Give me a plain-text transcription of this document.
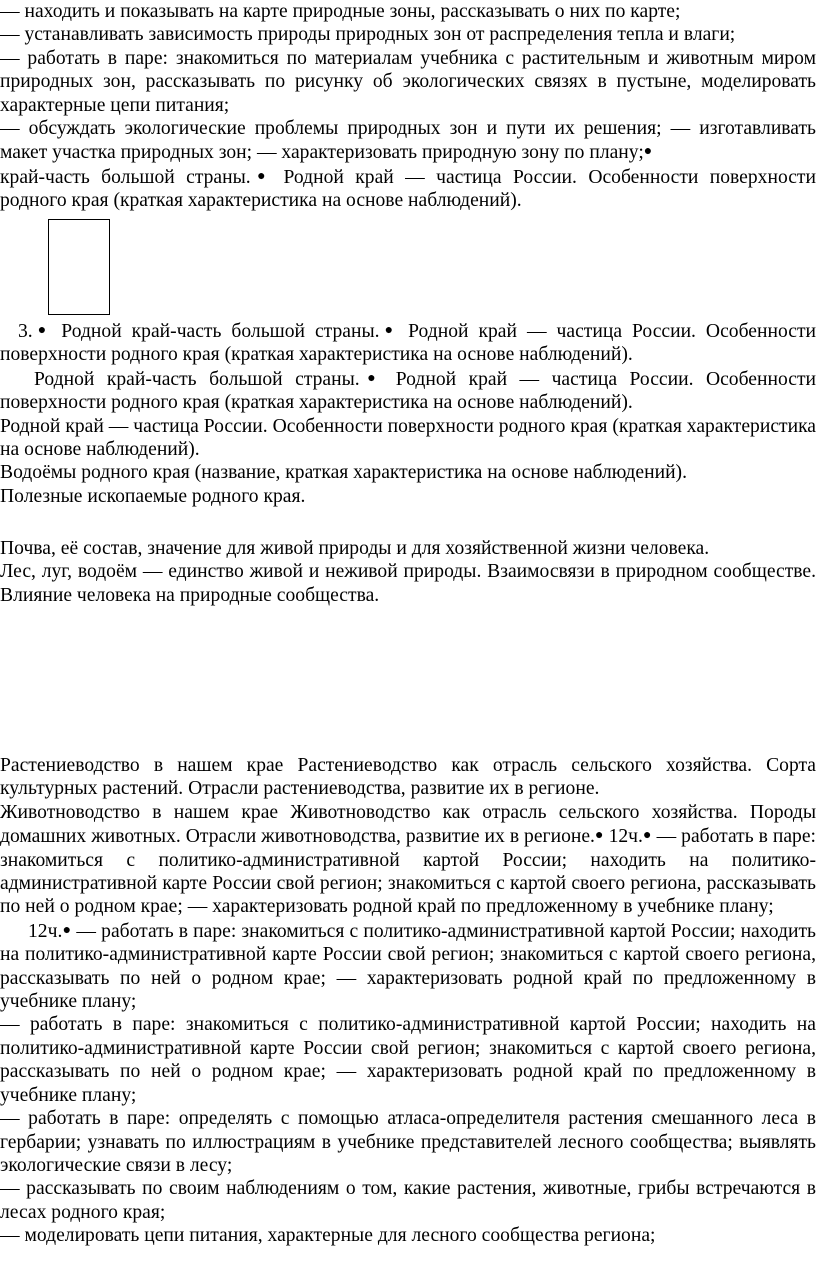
— находить и показывать на карте природные зоны, рассказывать о них по карте;

— устанавливать зависимость природы природных зон от распределения тепла и влаги;

— работать в паре: знакомиться по материалам учебника с растительным и животным миром природных зон, рассказывать по рисунку об экологических связях в пустыне, моделировать характерные цепи питания;

— обсуждать экологические проблемы природных зон и пути их решения; — изготавливать макет участка природных зон; — характеризовать природную зону по плану;●

край-часть большой страны.● Родной край — частица России. Особенности поверхности родного края (краткая характеристика на основе наблюдений).

3.● Родной край-часть большой страны.● Родной край — частица России. Особенности поверхности родного края (краткая характеристика на основе наблюдений).

Родной край-часть большой страны.● Родной край — частица России. Особенности поверхности родного края (краткая характеристика на основе наблюдений).

Родной край — частица России. Особенности поверхности родного края (краткая характеристика на основе наблюдений).

Водоёмы родного края (название, краткая характеристика на основе наблюдений).

Полезные ископаемые родного края.

Почва, её состав, значение для живой природы и для хозяйственной жизни человека.

Лес, луг, водоём — единство живой и неживой природы. Взаимосвязи в природном сообществе. Влияние человека на природные сообщества.

Растениеводство в нашем крае Растениеводство как отрасль сельского хозяйства. Сорта культурных растений. Отрасли растениеводства, развитие их в регионе.

Животноводство в нашем крае Животноводство как отрасль сельского хозяйства. Породы домашних животных. Отрасли животноводства, развитие их в регионе.● 12ч.● — работать в паре: знакомиться с политико-административной картой России; находить на политико-административной карте России свой регион; знакомиться с картой своего региона, рассказывать по ней о родном крае; — характеризовать родной край по предложенному в учебнике плану;

12ч.● — работать в паре: знакомиться с политико-административной картой России; находить на политико-административной карте России свой регион; знакомиться с картой своего региона, рассказывать по ней о родном крае; — характеризовать родной край по предложенному в учебнике плану;

— работать в паре: знакомиться с политико-административной картой России; находить на политико-административной карте России свой регион; знакомиться с картой своего региона, рассказывать по ней о родном крае; — характеризовать родной край по предложенному в учебнике плану;

— работать в паре: определять с помощью атласа-определителя растения смешанного леса в гербарии; узнавать по иллюстрациям в учебнике представителей лесного сообщества; выявлять экологические связи в лесу;

— рассказывать по своим наблюдениям о том, какие растения, животные, грибы встречаются в лесах родного края;

— моделировать цепи питания, характерные для лесного сообщества региона;
